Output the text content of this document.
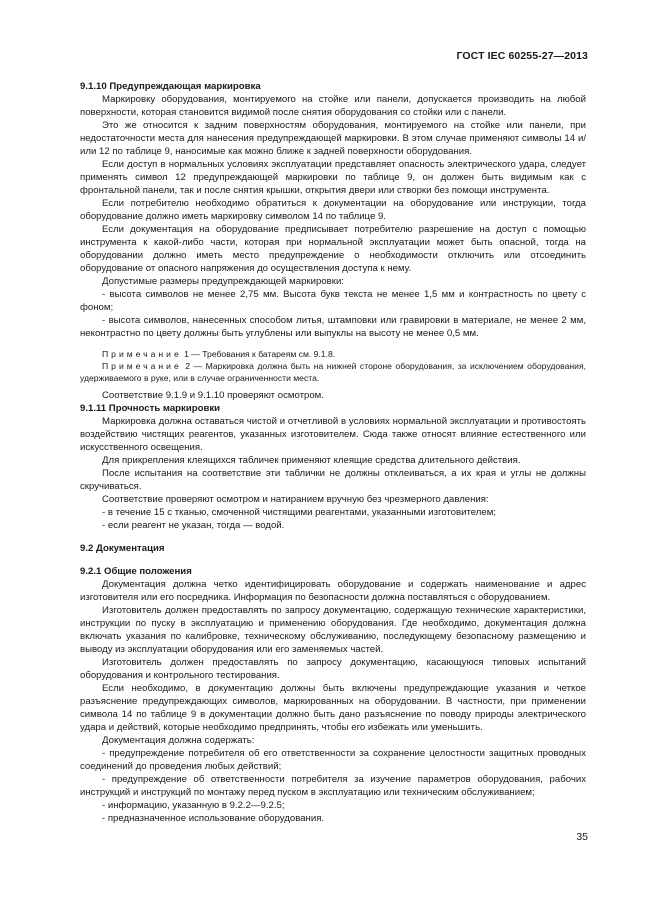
ГОСТ IEC 60255-27—2013

9.1.10 Предупреждающая маркировка

Маркировку оборудования, монтируемого на стойке или панели, допускается производить на любой поверхности, которая становится видимой после снятия оборудования со стойки или с панели.

Это же относится к задним поверхностям оборудования, монтируемого на стойке или панели, при недостаточности места для нанесения предупреждающей маркировки. В этом случае применяют символы 14 и/или 12 по таблице 9, наносимые как можно ближе к задней поверхности оборудования.

Если доступ в нормальных условиях эксплуатации представляет опасность электрического удара, следует применять символ 12 предупреждающей маркировки по таблице 9, он должен быть видимым как с фронтальной панели, так и после снятия крышки, открытия двери или створки без помощи инструмента.

Если потребителю необходимо обратиться к документации на оборудование или инструкции, тогда оборудование должно иметь маркировку символом 14 по таблице 9.

Если документация на оборудование предписывает потребителю разрешение на доступ с помощью инструмента к какой-либо части, которая при нормальной эксплуатации может быть опасной, тогда на оборудовании должно иметь место предупреждение о необходимости отключить или отсоединить оборудование от опасного напряжения до осуществления доступа к нему.

Допустимые размеры предупреждающей маркировки:

- высота символов не менее 2,75 мм. Высота букв текста не менее 1,5 мм и контрастность по цвету с фоном;

- высота символов, нанесенных способом литья, штамповки или гравировки в материале, не менее 2 мм, неконтрастно по цвету должны быть углублены или выпуклы на высоту не менее 0,5 мм.

Примечание 1 — Требования к батареям см. 9.1.8.

Примечание 2 — Маркировка должна быть на нижней стороне оборудования, за исключением оборудования, удерживаемого в руке, или в случае ограниченности места.

Соответствие 9.1.9 и 9.1.10 проверяют осмотром.

9.1.11 Прочность маркировки

Маркировка должна оставаться чистой и отчетливой в условиях нормальной эксплуатации и противостоять воздействию чистящих реагентов, указанных изготовителем. Сюда также относят влияние естественного или искусственного освещения.

Для прикрепления клеящихся табличек применяют клеящие средства длительного действия.

После испытания на соответствие эти таблички не должны отклеиваться, а их края и углы не должны скручиваться.

Соответствие проверяют осмотром и натиранием вручную без чрезмерного давления:

- в течение 15 с тканью, смоченной чистящими реагентами, указанными изготовителем;

- если реагент не указан, тогда — водой.

9.2 Документация

9.2.1 Общие положения

Документация должна четко идентифицировать оборудование и содержать наименование и адрес изготовителя или его посредника. Информация по безопасности должна поставляться с оборудованием.

Изготовитель должен предоставлять по запросу документацию, содержащую технические характеристики, инструкции по пуску в эксплуатацию и применению оборудования. Где необходимо, документация должна включать указания по калибровке, техническому обслуживанию, последующему безопасному размещению и выводу из эксплуатации оборудования или его заменяемых частей.

Изготовитель должен предоставлять по запросу документацию, касающуюся типовых испытаний оборудования и контрольного тестирования.

Если необходимо, в документацию должны быть включены предупреждающие указания и четкое разъяснение предупреждающих символов, маркированных на оборудовании. В частности, при применении символа 14 по таблице 9 в документации должно быть дано разъяснение по поводу природы электрического удара и действий, которые необходимо предпринять, чтобы его избежать или уменьшить.

Документация должна содержать:

- предупреждение потребителя об его ответственности за сохранение целостности защитных проводных соединений до проведения любых действий;

- предупреждение об ответственности потребителя за изучение параметров оборудования, рабочих инструкций и инструкций по монтажу перед пуском в эксплуатацию или техническим обслуживанием;

- информацию, указанную в 9.2.2—9.2.5;

- предназначенное использование оборудования.

35
